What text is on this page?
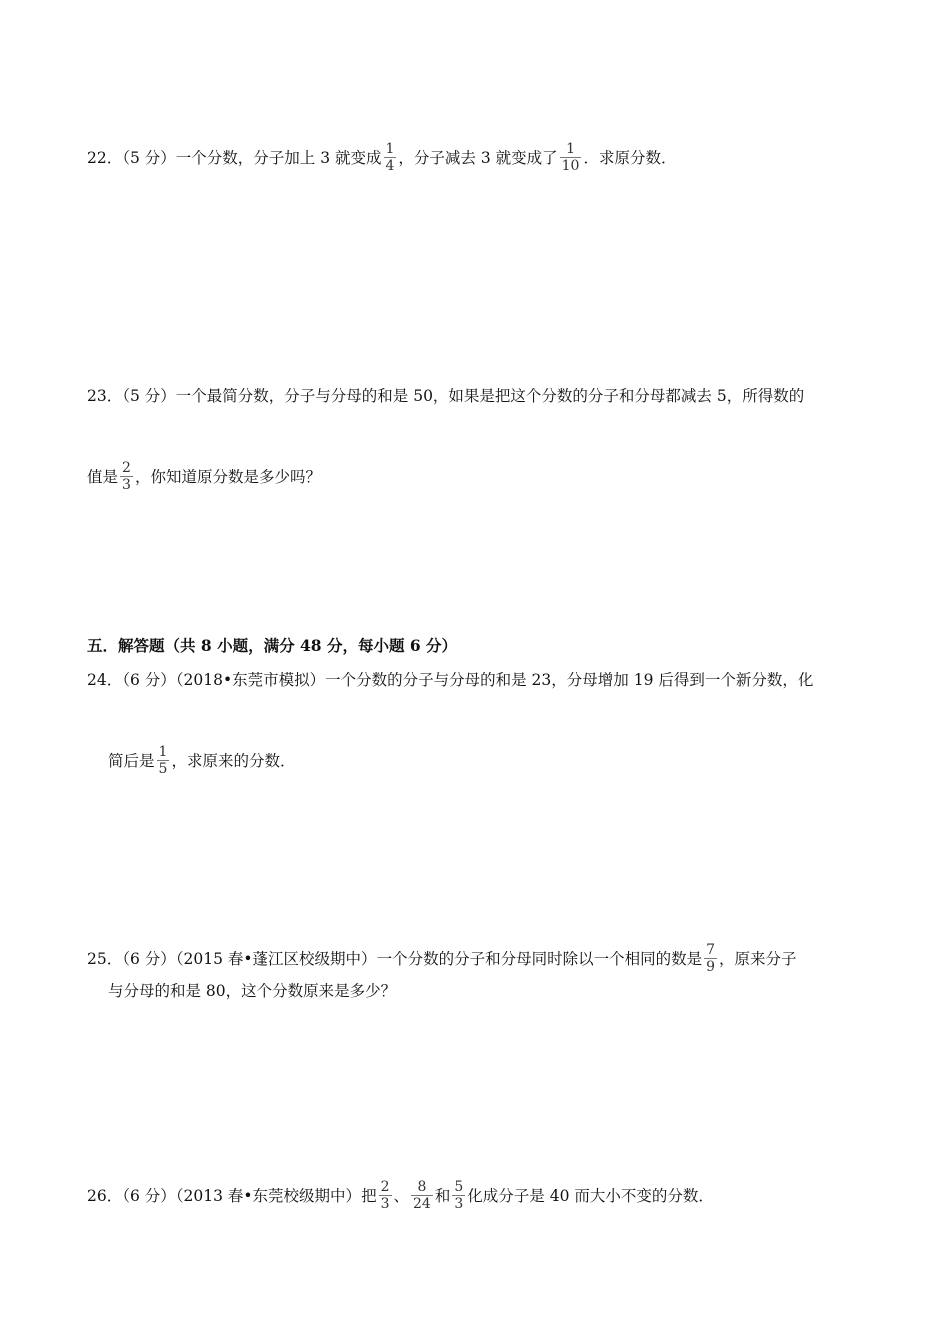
22．（5 分）一个分数，分子加上 3 就变成 $\frac{1}{4}$ ，分子减去 3 就变成了 $\frac{1}{10}$ ．求原分数．
23．（5 分）一个最简分数，分子与分母的和是 50，如果是把这个分数的分子和分母都减去 5，所得数的
值是 $\frac{2}{3}$ ，你知道原分数是多少吗？
五．解答题（共 8 小题，满分 48 分，每小题 6 分）
24．（6 分）（2018•东莞市模拟）一个分数的分子与分母的和是 23，分母增加 19 后得到一个新分数，化
简后是 $\frac{1}{5}$ ，求原来的分数．
25．（6 分）（2015 春•蓬江区校级期中）一个分数的分子和分母同时除以一个相同的数是 $\frac{7}{9}$ ，原来分子
与分母的和是 80，这个分数原来是多少？
26．（6 分）（2013 春•东莞校级期中）把 $\frac{2}{3}$ 、 $\frac{8}{24}$ 和 $\frac{5}{3}$ 化成分子是 40 而大小不变的分数．
